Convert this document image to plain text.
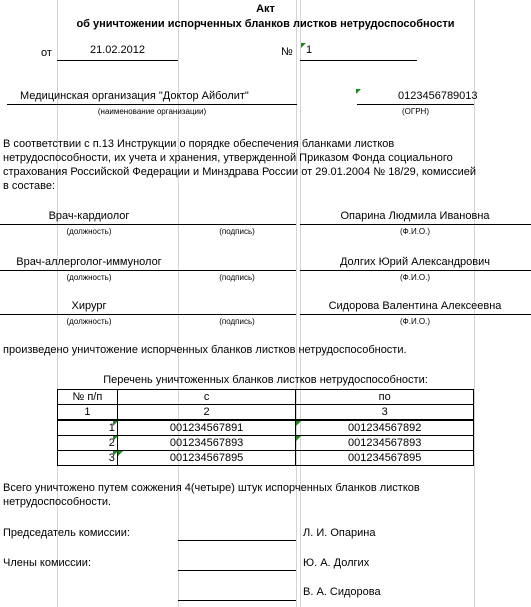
Акт
об уничтожении испорченных бланков листков нетрудоспособности
от	21.02.2012	№ 1
Медицинская организация "Доктор Айболит"
(наименование организации)
0123456789013
(ОГРН)
В соответствии с п.13 Инструкции о порядке обеспечения бланками листков
нетрудоспособности, их учета и хранения, утвержденной Приказом Фонда социального
страхования Российской Федерации и Минздрава России от 29.01.2004 № 18/29, комиссией
в составе:
Врач-кардиолог	Опарина Людмила Ивановна
(должность)	(подпись)	(Ф.И.О.)
Врач-аллерголог-иммунолог	Долгих Юрий Александрович
(должность)	(подпись)	(Ф.И.О.)
Хирург	Сидорова Валентина Алексеевна
(должность)	(подпись)	(Ф.И.О.)
произведено уничтожение испорченных бланков листков нетрудоспособности.
Перечень уничтоженных бланков листков нетрудоспособности:
№ п/п	с	по
1	2	3

1	001234567891	001234567892

2	001234567893	001234567893

3	001234567895	001234567895
Всего уничтожено путем сожжения 4(четыре) штук испорченных бланков листков
нетрудоспособности.
Председатель комиссии:	Л. И. Опарина
Члены комиссии:	Ю. А. Долгих
В. А. Сидорова
